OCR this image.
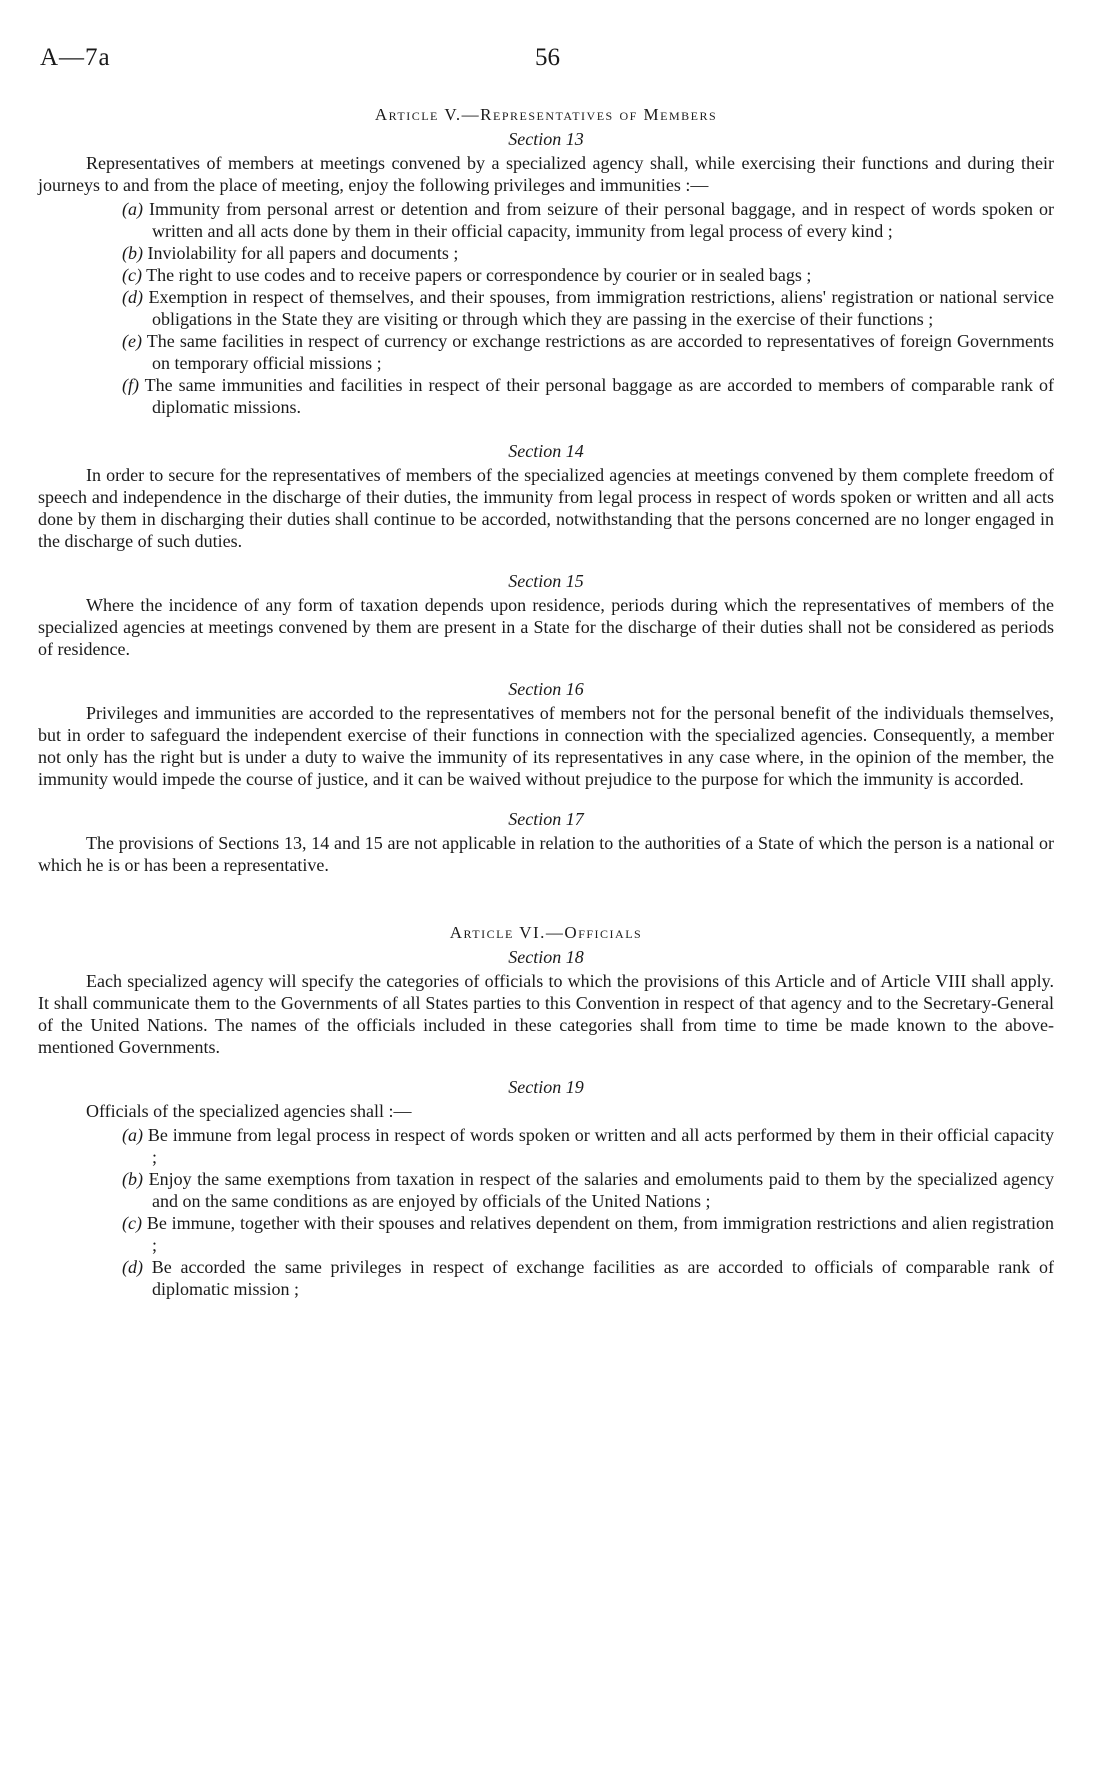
A—7a	56
Article V.—Representatives of Members
Section 13

Representatives of members at meetings convened by a specialized agency shall, while exercising their functions and during their journeys to and from the place of meeting, enjoy the following privileges and immunities :—

(a) Immunity from personal arrest or detention and from seizure of their personal baggage, and in respect of words spoken or written and all acts done by them in their official capacity, immunity from legal process of every kind ;
(b) Inviolability for all papers and documents ;
(c) The right to use codes and to receive papers or correspondence by courier or in sealed bags ;
(d) Exemption in respect of themselves, and their spouses, from immigration restrictions, aliens' registration or national service obligations in the State they are visiting or through which they are passing in the exercise of their functions ;
(e) The same facilities in respect of currency or exchange restrictions as are accorded to representatives of foreign Governments on temporary official missions ;
(f) The same immunities and facilities in respect of their personal baggage as are accorded to members of comparable rank of diplomatic missions.
Section 14

In order to secure for the representatives of members of the specialized agencies at meetings convened by them complete freedom of speech and independence in the discharge of their duties, the immunity from legal process in respect of words spoken or written and all acts done by them in discharging their duties shall continue to be accorded, notwithstanding that the persons concerned are no longer engaged in the discharge of such duties.

Section 15

Where the incidence of any form of taxation depends upon residence, periods during which the representatives of members of the specialized agencies at meetings convened by them are present in a State for the discharge of their duties shall not be considered as periods of residence.

Section 16

Privileges and immunities are accorded to the representatives of members not for the personal benefit of the individuals themselves, but in order to safeguard the independent exercise of their functions in connection with the specialized agencies. Consequently, a member not only has the right but is under a duty to waive the immunity of its representatives in any case where, in the opinion of the member, the immunity would impede the course of justice, and it can be waived without prejudice to the purpose for which the immunity is accorded.

Section 17

The provisions of Sections 13, 14 and 15 are not applicable in relation to the authorities of a State of which the person is a national or which he is or has been a representative.

Article VI.—Officials
Section 18

Each specialized agency will specify the categories of officials to which the provisions of this Article and of Article VIII shall apply. It shall communicate them to the Governments of all States parties to this Convention in respect of that agency and to the Secretary-General of the United Nations. The names of the officials included in these categories shall from time to time be made known to the above-mentioned Governments.

Section 19

Officials of the specialized agencies shall :—

(a) Be immune from legal process in respect of words spoken or written and all acts performed by them in their official capacity ;
(b) Enjoy the same exemptions from taxation in respect of the salaries and emoluments paid to them by the specialized agency and on the same conditions as are enjoyed by officials of the United Nations ;
(c) Be immune, together with their spouses and relatives dependent on them, from immigration restrictions and alien registration ;
(d) Be accorded the same privileges in respect of exchange facilities as are accorded to officials of comparable rank of diplomatic mission ;
